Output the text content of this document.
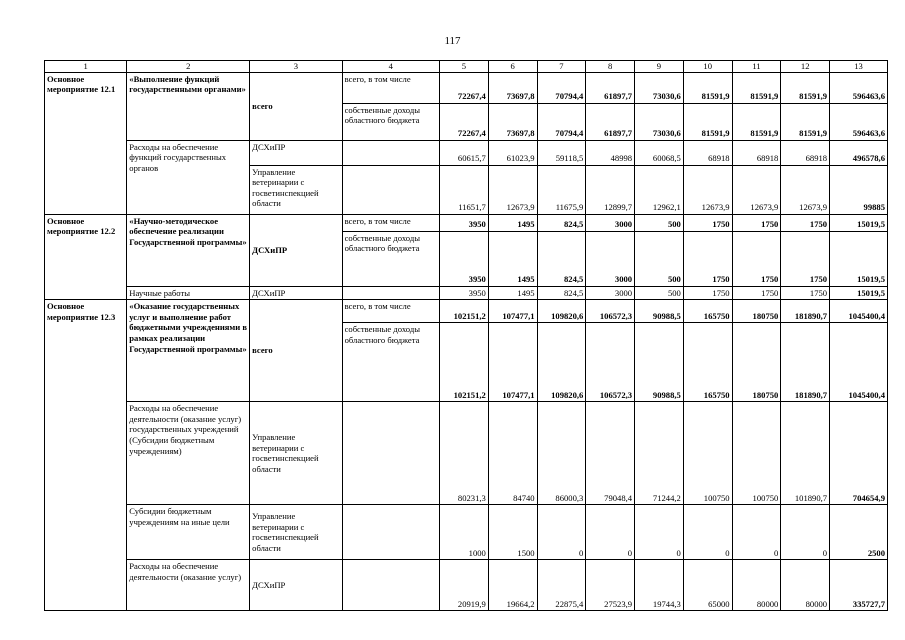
117
1	2	3	4	5	6	7	8	9	10	11	12	13
Основное мероприятие 12.1	«Выполнение функций государственными органами»	всего	всего, в том числе	72267,4	73697,8	70794,4	61897,7	73030,6	81591,9	81591,9	81591,9	596463,6
			собственные доходы областного бюджета	72267,4	73697,8	70794,4	61897,7	73030,6	81591,9	81591,9	81591,9	596463,6
	Расходы на обеспечение функций государственных органов	ДСХиПР		60615,7	61023,9	59118,5	48998	60068,5	68918	68918	68918	496578,6
		Управление ветеринарии с госветинспекцией области		11651,7	12673,9	11675,9	12899,7	12962,1	12673,9	12673,9	12673,9	99885
Основное мероприятие 12.2	«Научно-методическое обеспечение реализации Государственной программы»	ДСХиПР	всего, в том числе	3950	1495	824,5	3000	500	1750	1750	1750	15019,5
			собственные доходы областного бюджета	3950	1495	824,5	3000	500	1750	1750	1750	15019,5
	Научные работы	ДСХиПР		3950	1495	824,5	3000	500	1750	1750	1750	15019,5
Основное мероприятие 12.3	«Оказание государственных услуг и выполнение работ бюджетными учреждениями в рамках реализации Государственной программы»	всего	всего, в том числе	102151,2	107477,1	109820,6	106572,3	90988,5	165750	180750	181890,7	1045400,4
			собственные доходы областного бюджета	102151,2	107477,1	109820,6	106572,3	90988,5	165750	180750	181890,7	1045400,4
	Расходы на обеспечение деятельности (оказание услуг) государственных учреждений (Субсидии бюджетным учреждениям)	Управление ветеринарии с госветинспекцией области		80231,3	84740	86000,3	79048,4	71244,2	100750	100750	101890,7	704654,9
	Субсидии бюджетным учреждениям на иные цели	Управление ветеринарии с госветинспекцией области		1000	1500	0	0	0	0	0	0	2500
	Расходы на обеспечение деятельности (оказание услуг)	ДСХиПР		20919,9	19664,2	22875,4	27523,9	19744,3	65000	80000	80000	335727,7
